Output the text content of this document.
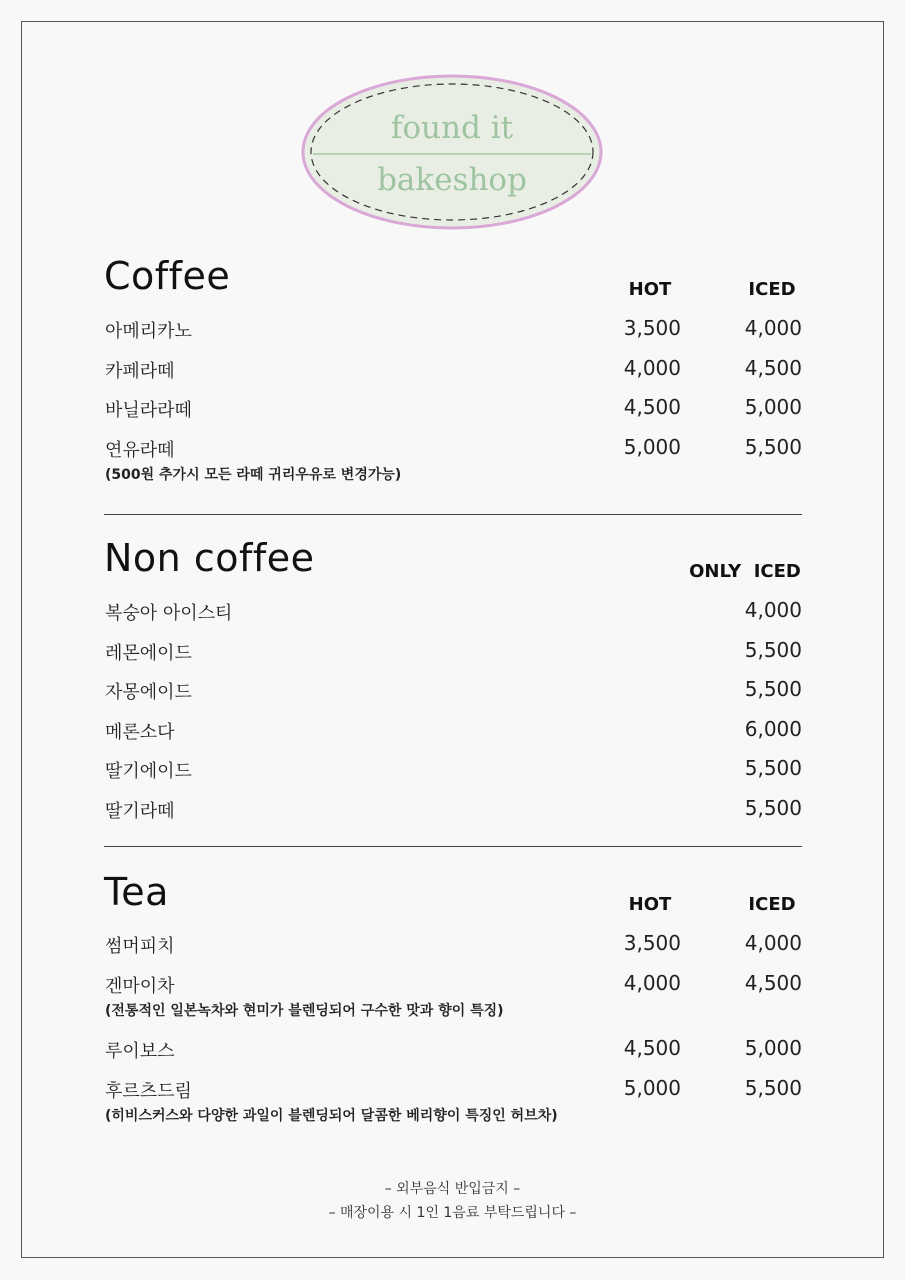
found it
bakeshop
Coffee	HOT	ICED
아메리카노	3,500	4,000
카페라떼	4,000	4,500
바닐라라떼	4,500	5,000
연유라떼	5,000	5,500
(500원 추가시 모든 라떼 귀리우유로 변경가능)
Non coffee	ONLY  ICED
복숭아 아이스티	4,000
레몬에이드	5,500
자몽에이드	5,500
메론소다	6,000
딸기에이드	5,500
딸기라떼	5,500
Tea	HOT	ICED
썸머피치	3,500	4,000
겐마이차	4,000	4,500
(전통적인 일본녹차와 현미가 블렌딩되어 구수한 맛과 향이 특징)
루이보스	4,500	5,000
후르츠드림	5,000	5,500
(히비스커스와 다양한 과일이 블렌딩되어 달콤한 베리향이 특징인 허브차)
– 외부음식 반입금지 –
– 매장이용 시 1인 1음료 부탁드립니다 –
